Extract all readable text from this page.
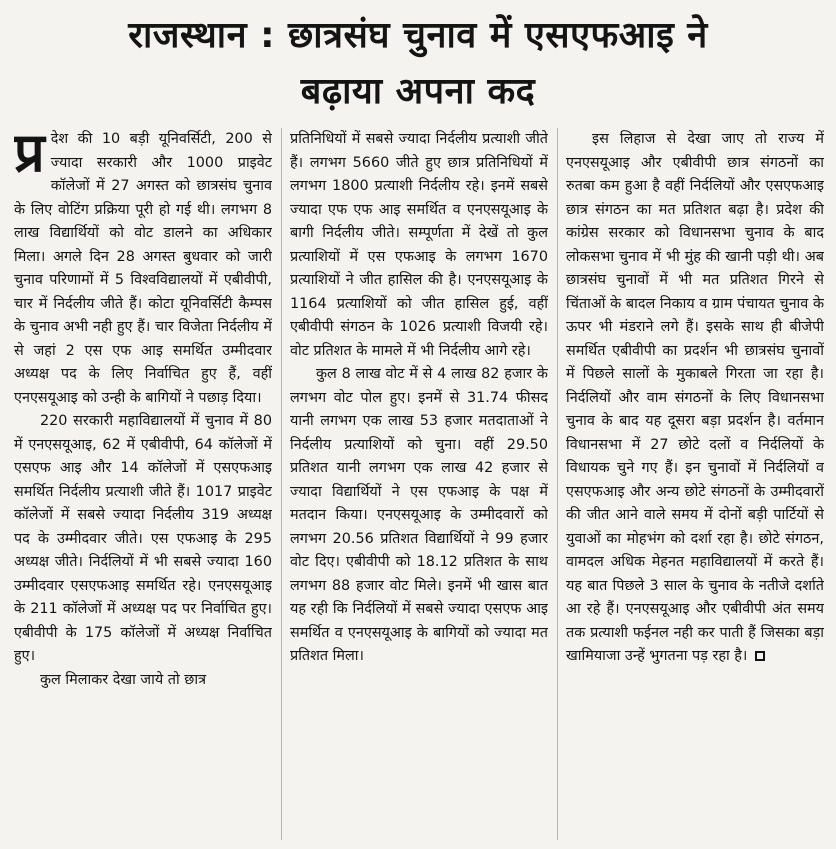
राजस्थान : छात्रसंघ चुनाव में एसएफआइ ने
बढ़ाया अपना कद

प्र देश की 10 बड़ी यूनिवर्सिटी, 200 से ज्यादा सरकारी और 1000 प्राइवेट कॉलेजों में 27 अगस्त को छात्रसंघ चुनाव के लिए वोटिंग प्रक्रिया पूरी हो गई थी। लगभग 8 लाख विद्यार्थियों को वोट डालने का अधिकार मिला। अगले दिन 28 अगस्त बुधवार को जारी चुनाव परिणामों में 5 विश्वविद्यालयों में एबीवीपी, चार में निर्दलीय जीते हैं। कोटा यूनिवर्सिटी कैम्पस के चुनाव अभी नही हुए हैं। चार विजेता निर्दलीय में से जहां 2 एस एफ आइ समर्थित उम्मीदवार अध्यक्ष पद के लिए निर्वाचित हुए हैं, वहीं एनएसयूआइ को उन्ही के बागियों ने पछाड़ दिया।

220 सरकारी महाविद्यालयों में चुनाव में 80 में एनएसयूआइ, 62 में एबीवीपी, 64 कॉलेजों में एसएफ आइ और 14 कॉलेजों में एसएफआइ समर्थित निर्दलीय प्रत्याशी जीते हैं। 1017 प्राइवेट कॉलेजों में सबसे ज्यादा निर्दलीय 319 अध्यक्ष पद के उम्मीदवार जीते। एस एफआइ के 295 अध्यक्ष जीते। निर्दलियों में भी सबसे ज्यादा 160 उम्मीदवार एसएफआइ समर्थित रहे। एनएसयूआइ के 211 कॉलेजों में अध्यक्ष पद पर निर्वाचित हुए। एबीवीपी के 175 कॉलेजों में अध्यक्ष निर्वाचित हुए।

कुल मिलाकर देखा जाये तो छात्र

प्रतिनिधियों में सबसे ज्यादा निर्दलीय प्रत्याशी जीते हैं। लगभग 5660 जीते हुए छात्र प्रतिनिधियों में लगभग 1800 प्रत्याशी निर्दलीय रहे। इनमें सबसे ज्यादा एफ एफ आइ समर्थित व एनएसयूआइ के बागी निर्दलीय जीते। सम्पूर्णता में देखें तो कुल प्रत्याशियों में एस एफआइ के लगभग 1670 प्रत्याशियों ने जीत हासिल की है। एनएसयूआइ के 1164 प्रत्याशियों को जीत हासिल हुई, वहीं एबीवीपी संगठन के 1026 प्रत्याशी विजयी रहे। वोट प्रतिशत के मामले में भी निर्दलीय आगे रहे।

कुल 8 लाख वोट में से 4 लाख 82 हजार के लगभग वोट पोल हुए। इनमें से 31.74 फीसद यानी लगभग एक लाख 53 हजार मतदाताओं ने निर्दलीय प्रत्याशियों को चुना। वहीं 29.50 प्रतिशत यानी लगभग एक लाख 42 हजार से ज्यादा विद्यार्थियों ने एस एफआइ के पक्ष में मतदान किया। एनएसयूआइ के उम्मीदवारों को लगभग 20.56 प्रतिशत विद्यार्थियों ने 99 हजार वोट दिए। एबीवीपी को 18.12 प्रतिशत के साथ लगभग 88 हजार वोट मिले। इनमें भी खास बात यह रही कि निर्दलियों में सबसे ज्यादा एसएफ आइ समर्थित व एनएसयूआइ के बागियों को ज्यादा मत प्रतिशत मिला।

इस लिहाज से देखा जाए तो राज्य में एनएसयूआइ और एबीवीपी छात्र संगठनों का रुतबा कम हुआ है वहीं निर्दलियों और एसएफआइ छात्र संगठन का मत प्रतिशत बढ़ा है। प्रदेश की कांग्रेस सरकार को विधानसभा चुनाव के बाद लोकसभा चुनाव में भी मुंह की खानी पड़ी थी। अब छात्रसंघ चुनावों में भी मत प्रतिशत गिरने से चिंताओं के बादल निकाय व ग्राम पंचायत चुनाव के ऊपर भी मंडराने लगे हैं। इसके साथ ही बीजेपी समर्थित एबीवीपी का प्रदर्शन भी छात्रसंघ चुनावों में पिछले सालों के मुकाबले गिरता जा रहा है। निर्दलियों और वाम संगठनों के लिए विधानसभा चुनाव के बाद यह दूसरा बड़ा प्रदर्शन है। वर्तमान विधानसभा में 27 छोटे दलों व निर्दलियों के विधायक चुने गए हैं। इन चुनावों में निर्दलियों व एसएफआइ और अन्य छोटे संगठनों के उम्मीदवारों की जीत आने वाले समय में दोनों बड़ी पार्टियों से युवाओं का मोहभंग को दर्शा रहा है। छोटे संगठन, वामदल अधिक मेहनत महाविद्यालयों में करते हैं। यह बात पिछले 3 साल के चुनाव के नतीजे दर्शाते आ रहे हैं। एनएसयूआइ और एबीवीपी अंत समय तक प्रत्याशी फईनल नही कर पाती हैं जिसका बड़ा खामियाजा उन्हें भुगतना पड़ रहा है।
